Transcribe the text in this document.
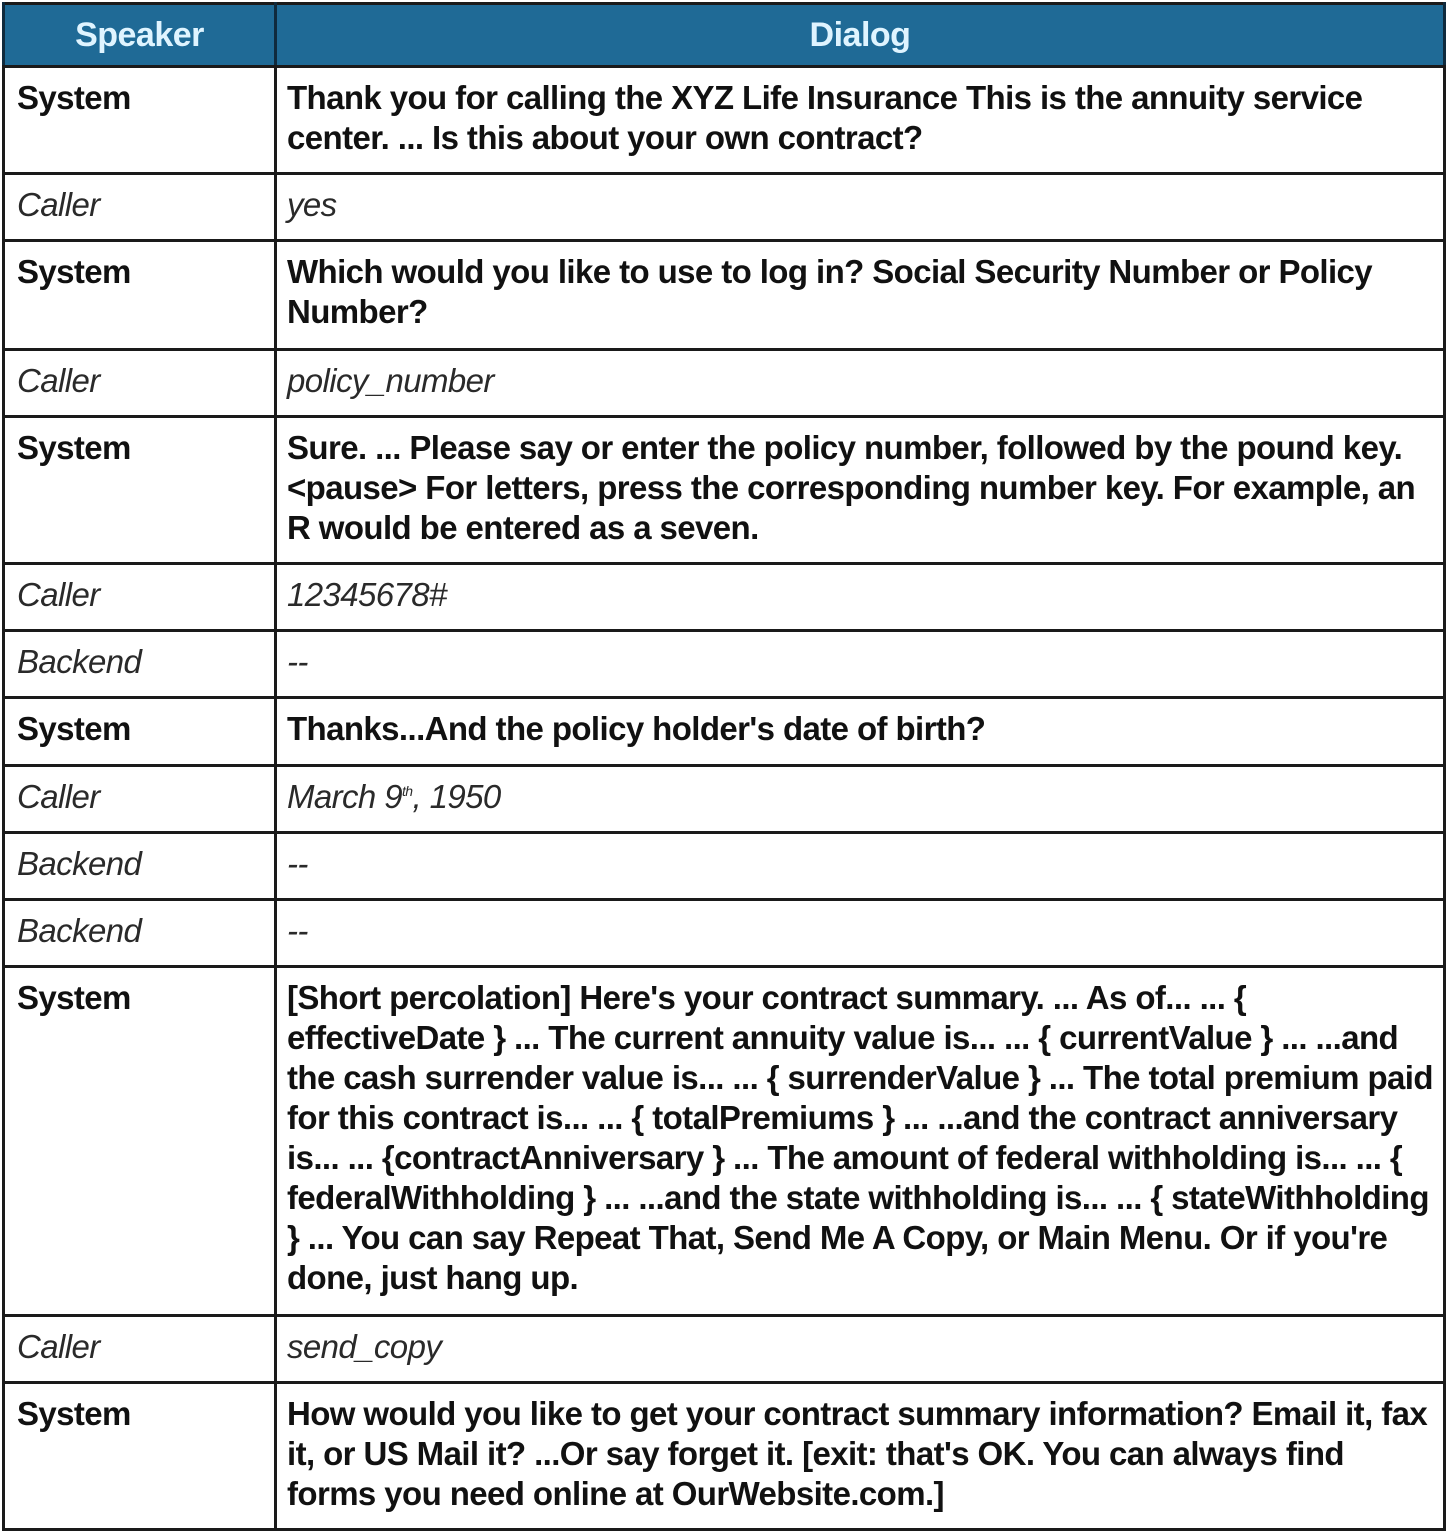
Speaker	Dialog
System	Thank you for calling the XYZ Life Insurance This is the annuity service center. ... Is this about your own contract?
Caller	yes
System	Which would you like to use to log in? Social Security Number or Policy Number?
Caller	policy_number
System	Sure. ... Please say or enter the policy number, followed by the pound key. <pause> For letters, press the corresponding number key. For example, an R would be entered as a seven.
Caller	12345678#
Backend	--
System	Thanks...And the policy holder's date of birth?
Caller	March 9th, 1950
Backend	--
Backend	--
System	[Short percolation] Here's your contract summary. ... As of... ... { effectiveDate } ... The current annuity value is... ... { currentValue } ... ...and the cash surrender value is... ... { surrenderValue } ... The total premium paid for this contract is... ... { totalPremiums } ... ...and the contract anniversary is... ... {contractAnniversary } ... The amount of federal withholding is... ... { federalWithholding } ... ...and the state withholding is... ... { stateWithholding } ... You can say Repeat That, Send Me A Copy, or Main Menu. Or if you're done, just hang up.
Caller	send_copy
System	How would you like to get your contract summary information? Email it, fax it, or US Mail it? ...Or say forget it. [exit: that's OK. You can always find forms you need online at OurWebsite.com.]
